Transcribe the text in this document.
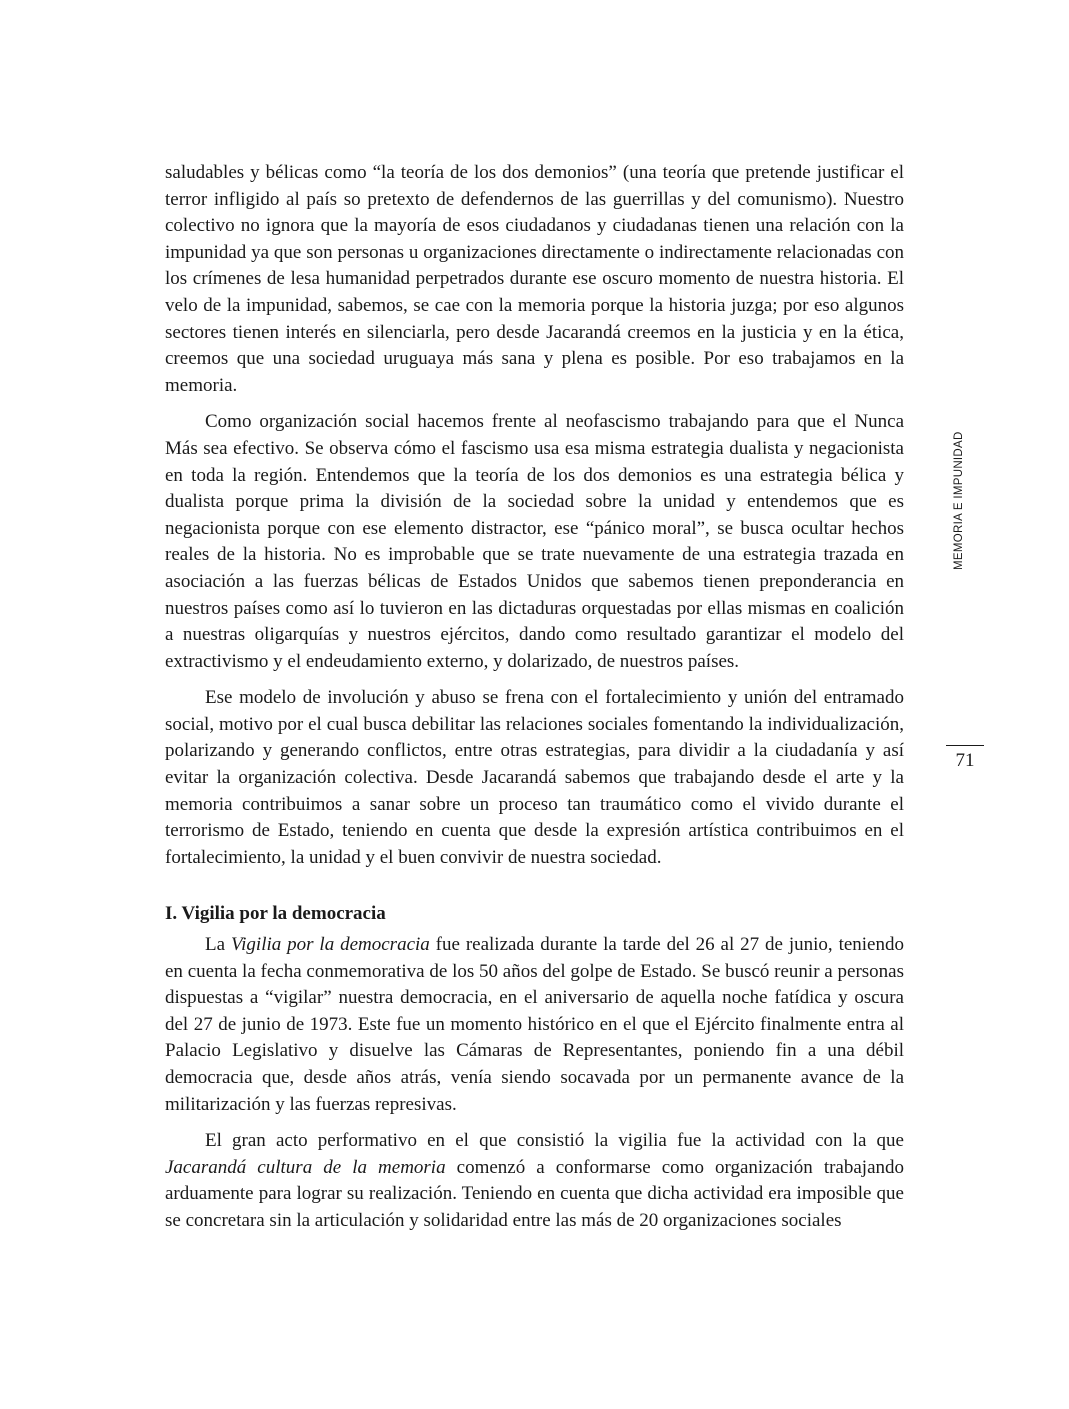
saludables y bélicas como “la teoría de los dos demonios” (una teoría que pretende justificar el terror infligido al país so pretexto de defendernos de las guerrillas y del comunismo). Nuestro colectivo no ignora que la mayoría de esos ciudadanos y ciudadanas tienen una relación con la impunidad ya que son personas u organizaciones directamente o indirectamente relacionadas con los crímenes de lesa humanidad perpetrados durante ese oscuro momento de nuestra historia. El velo de la impunidad, sabemos, se cae con la memoria porque la historia juzga; por eso algunos sectores tienen interés en silenciarla, pero desde Jacarandá creemos en la justicia y en la ética, creemos que una sociedad uruguaya más sana y plena es posible. Por eso trabajamos en la memoria.

Como organización social hacemos frente al neofascismo trabajando para que el Nunca Más sea efectivo. Se observa cómo el fascismo usa esa misma estrategia dualista y negacionista en toda la región. Entendemos que la teoría de los dos demonios es una estrategia bélica y dualista porque prima la división de la sociedad sobre la unidad y entendemos que es negacionista porque con ese elemento distractor, ese “pánico moral”, se busca ocultar hechos reales de la historia. No es improbable que se trate nuevamente de una estrategia trazada en asociación a las fuerzas bélicas de Estados Unidos que sabemos tienen preponderancia en nuestros países como así lo tuvieron en las dictaduras orquestadas por ellas mismas en coalición a nuestras oligarquías y nuestros ejércitos, dando como resultado garantizar el modelo del extractivismo y el endeudamiento externo, y dolarizado, de nuestros países.

Ese modelo de involución y abuso se frena con el fortalecimiento y unión del entramado social, motivo por el cual busca debilitar las relaciones sociales fomentando la individualización, polarizando y generando conflictos, entre otras estrategias, para dividir a la ciudadanía y así evitar la organización colectiva. Desde Jacarandá sabemos que trabajando desde el arte y la memoria contribuimos a sanar sobre un proceso tan traumático como el vivido durante el terrorismo de Estado, teniendo en cuenta que desde la expresión artística contribuimos en el fortalecimiento, la unidad y el buen convivir de nuestra sociedad.

I. Vigilia por la democracia

La Vigilia por la democracia fue realizada durante la tarde del 26 al 27 de junio, teniendo en cuenta la fecha conmemorativa de los 50 años del golpe de Estado. Se buscó reunir a personas dispuestas a “vigilar” nuestra democracia, en el aniversario de aquella noche fatídica y oscura del 27 de junio de 1973. Este fue un momento histórico en el que el Ejército finalmente entra al Palacio Legislativo y disuelve las Cámaras de Representantes, poniendo fin a una débil democracia que, desde años atrás, venía siendo socavada por un permanente avance de la militarización y las fuerzas represivas.

El gran acto performativo en el que consistió la vigilia fue la actividad con la que Jacarandá cultura de la memoria comenzó a conformarse como organización trabajando arduamente para lograr su realización. Teniendo en cuenta que dicha actividad era imposible que se concretara sin la articulación y solidaridad entre las más de 20 organizaciones sociales

MEMORIA E IMPUNIDAD
71
